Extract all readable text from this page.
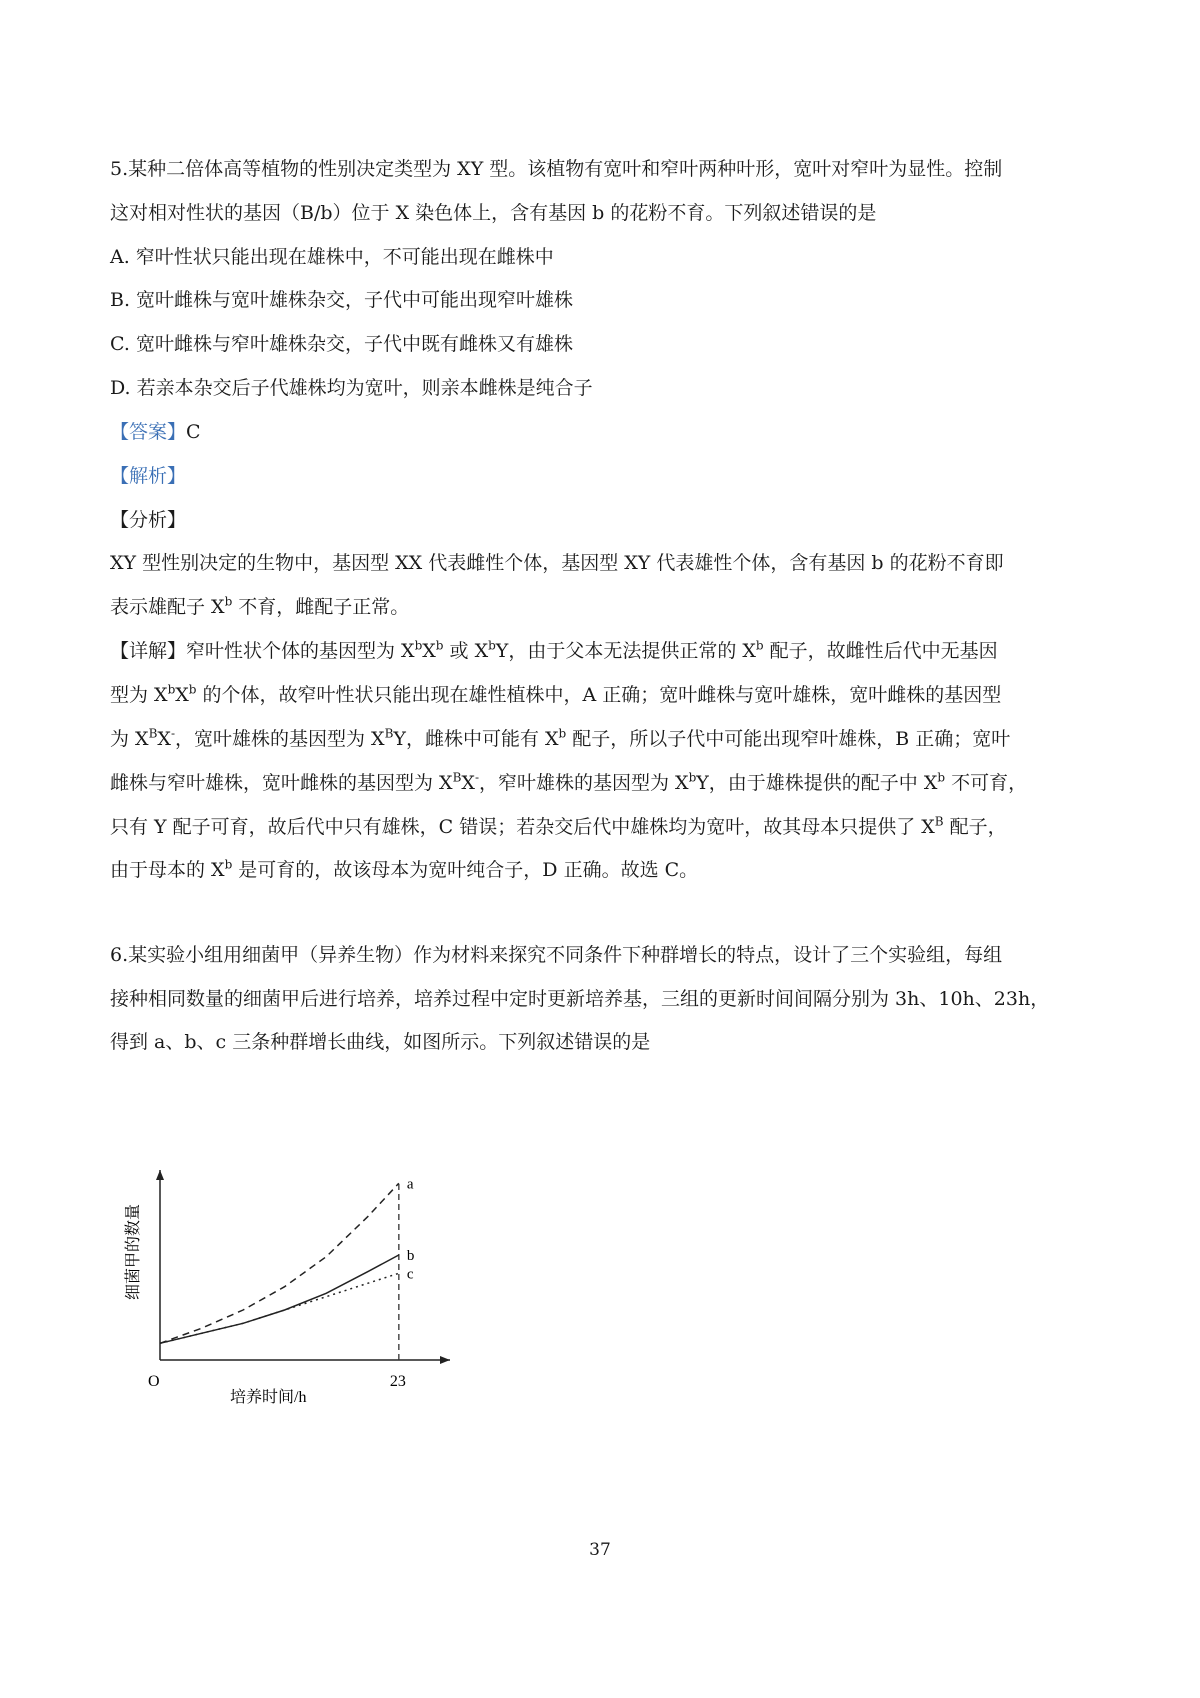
5.某种二倍体高等植物的性别决定类型为 XY 型。该植物有宽叶和窄叶两种叶形，宽叶对窄叶为显性。控制
这对相对性状的基因（B/b）位于 X 染色体上，含有基因 b 的花粉不育。下列叙述错误的是
A. 窄叶性状只能出现在雄株中，不可能出现在雌株中
B. 宽叶雌株与宽叶雄株杂交，子代中可能出现窄叶雄株
C. 宽叶雌株与窄叶雄株杂交，子代中既有雌株又有雄株
D. 若亲本杂交后子代雄株均为宽叶，则亲本雌株是纯合子
【答案】C
【解析】
【分析】
XY 型性别决定的生物中，基因型 XX 代表雌性个体，基因型 XY 代表雄性个体，含有基因 b 的花粉不育即
表示雄配子 $X^b$ 不育，雌配子正常。
【详解】窄叶性状个体的基因型为 $X^bX^b$ 或 $X^bY$，由于父本无法提供正常的 $X^b$ 配子，故雌性后代中无基因
型为 $X^bX^b$ 的个体，故窄叶性状只能出现在雄性植株中，A 正确；宽叶雌株与宽叶雄株，宽叶雌株的基因型
为 $X^BX^-$，宽叶雄株的基因型为 $X^BY$，雌株中可能有 $X^b$ 配子，所以子代中可能出现窄叶雄株，B 正确；宽叶
雌株与窄叶雄株，宽叶雌株的基因型为 $X^BX^-$，窄叶雄株的基因型为 $X^bY$，由于雄株提供的配子中 $X^b$ 不可育，
只有 Y 配子可育，故后代中只有雄株，C 错误；若杂交后代中雄株均为宽叶，故其母本只提供了 $X^B$ 配子，
由于母本的 $X^b$ 是可育的，故该母本为宽叶纯合子，D 正确。故选 C。
6.某实验小组用细菌甲（异养生物）作为材料来探究不同条件下种群增长的特点，设计了三个实验组，每组
接种相同数量的细菌甲后进行培养，培养过程中定时更新培养基，三组的更新时间间隔分别为 3h、10h、23h，
得到 a、b、c 三条种群增长曲线，如图所示。下列叙述错误的是
a
b
c
O	23
培养时间/h
细菌甲的数量
37
